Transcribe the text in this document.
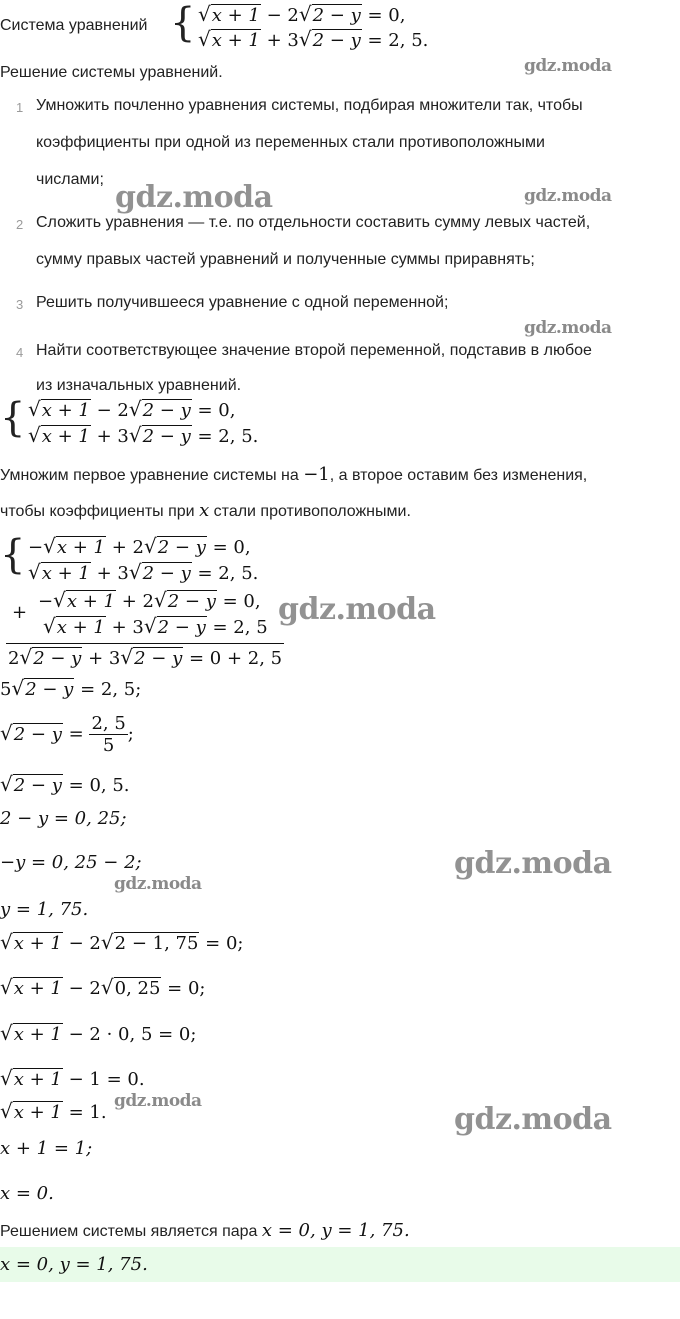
Система уравнений { √x + 1 − 2√2 − y = 0,
√x + 1 + 3√2 − y = 2, 5.
Решение системы уравнений.
1 Умножить почленно уравнения системы, подбирая множители так, чтобы
коэффициенты при одной из переменных стали противоположными
числами;
2 Сложить уравнения — т.е. по отдельности составить сумму левых частей,
сумму правых частей уравнений и полученные суммы приравнять;
3 Решить получившееся уравнение с одной переменной;
4 Найти соответствующее значение второй переменной, подставив в любое
из изначальных уравнений.
{ √x + 1 − 2√2 − y = 0,
√x + 1 + 3√2 − y = 2, 5.
Умножим первое уравнение системы на −1, а второе оставим без изменения,
чтобы коэффициенты при x стали противоположными.
{ −√x + 1 + 2√2 − y = 0,
√x + 1 + 3√2 − y = 2, 5.
+
−√x + 1 + 2√2 − y = 0,
√x + 1 + 3√2 − y = 2, 5
2√2 − y + 3√2 − y = 0 + 2, 5
5√2 − y = 2, 5;
$√2 - y = \frac{2, 5}{5}$ ;
√2 − y = 0, 5.
2 − y = 0, 25;
−y = 0, 25 − 2;
y = 1, 75.
√x + 1 − 2√2 − 1, 75 = 0;
√x + 1 − 2√0, 25 = 0;
√x + 1 − 2 · 0, 5 = 0;
√x + 1 − 1 = 0.
√x + 1 = 1.
x + 1 = 1;
x = 0.
Решением системы является пара x = 0, y = 1, 75.
x = 0, y = 1, 75.
gdz.moda
gdz.moda	gdz.moda
gdz.moda
gdz.moda
gdz.moda
gdz.moda
gdz.moda
gdz.moda
